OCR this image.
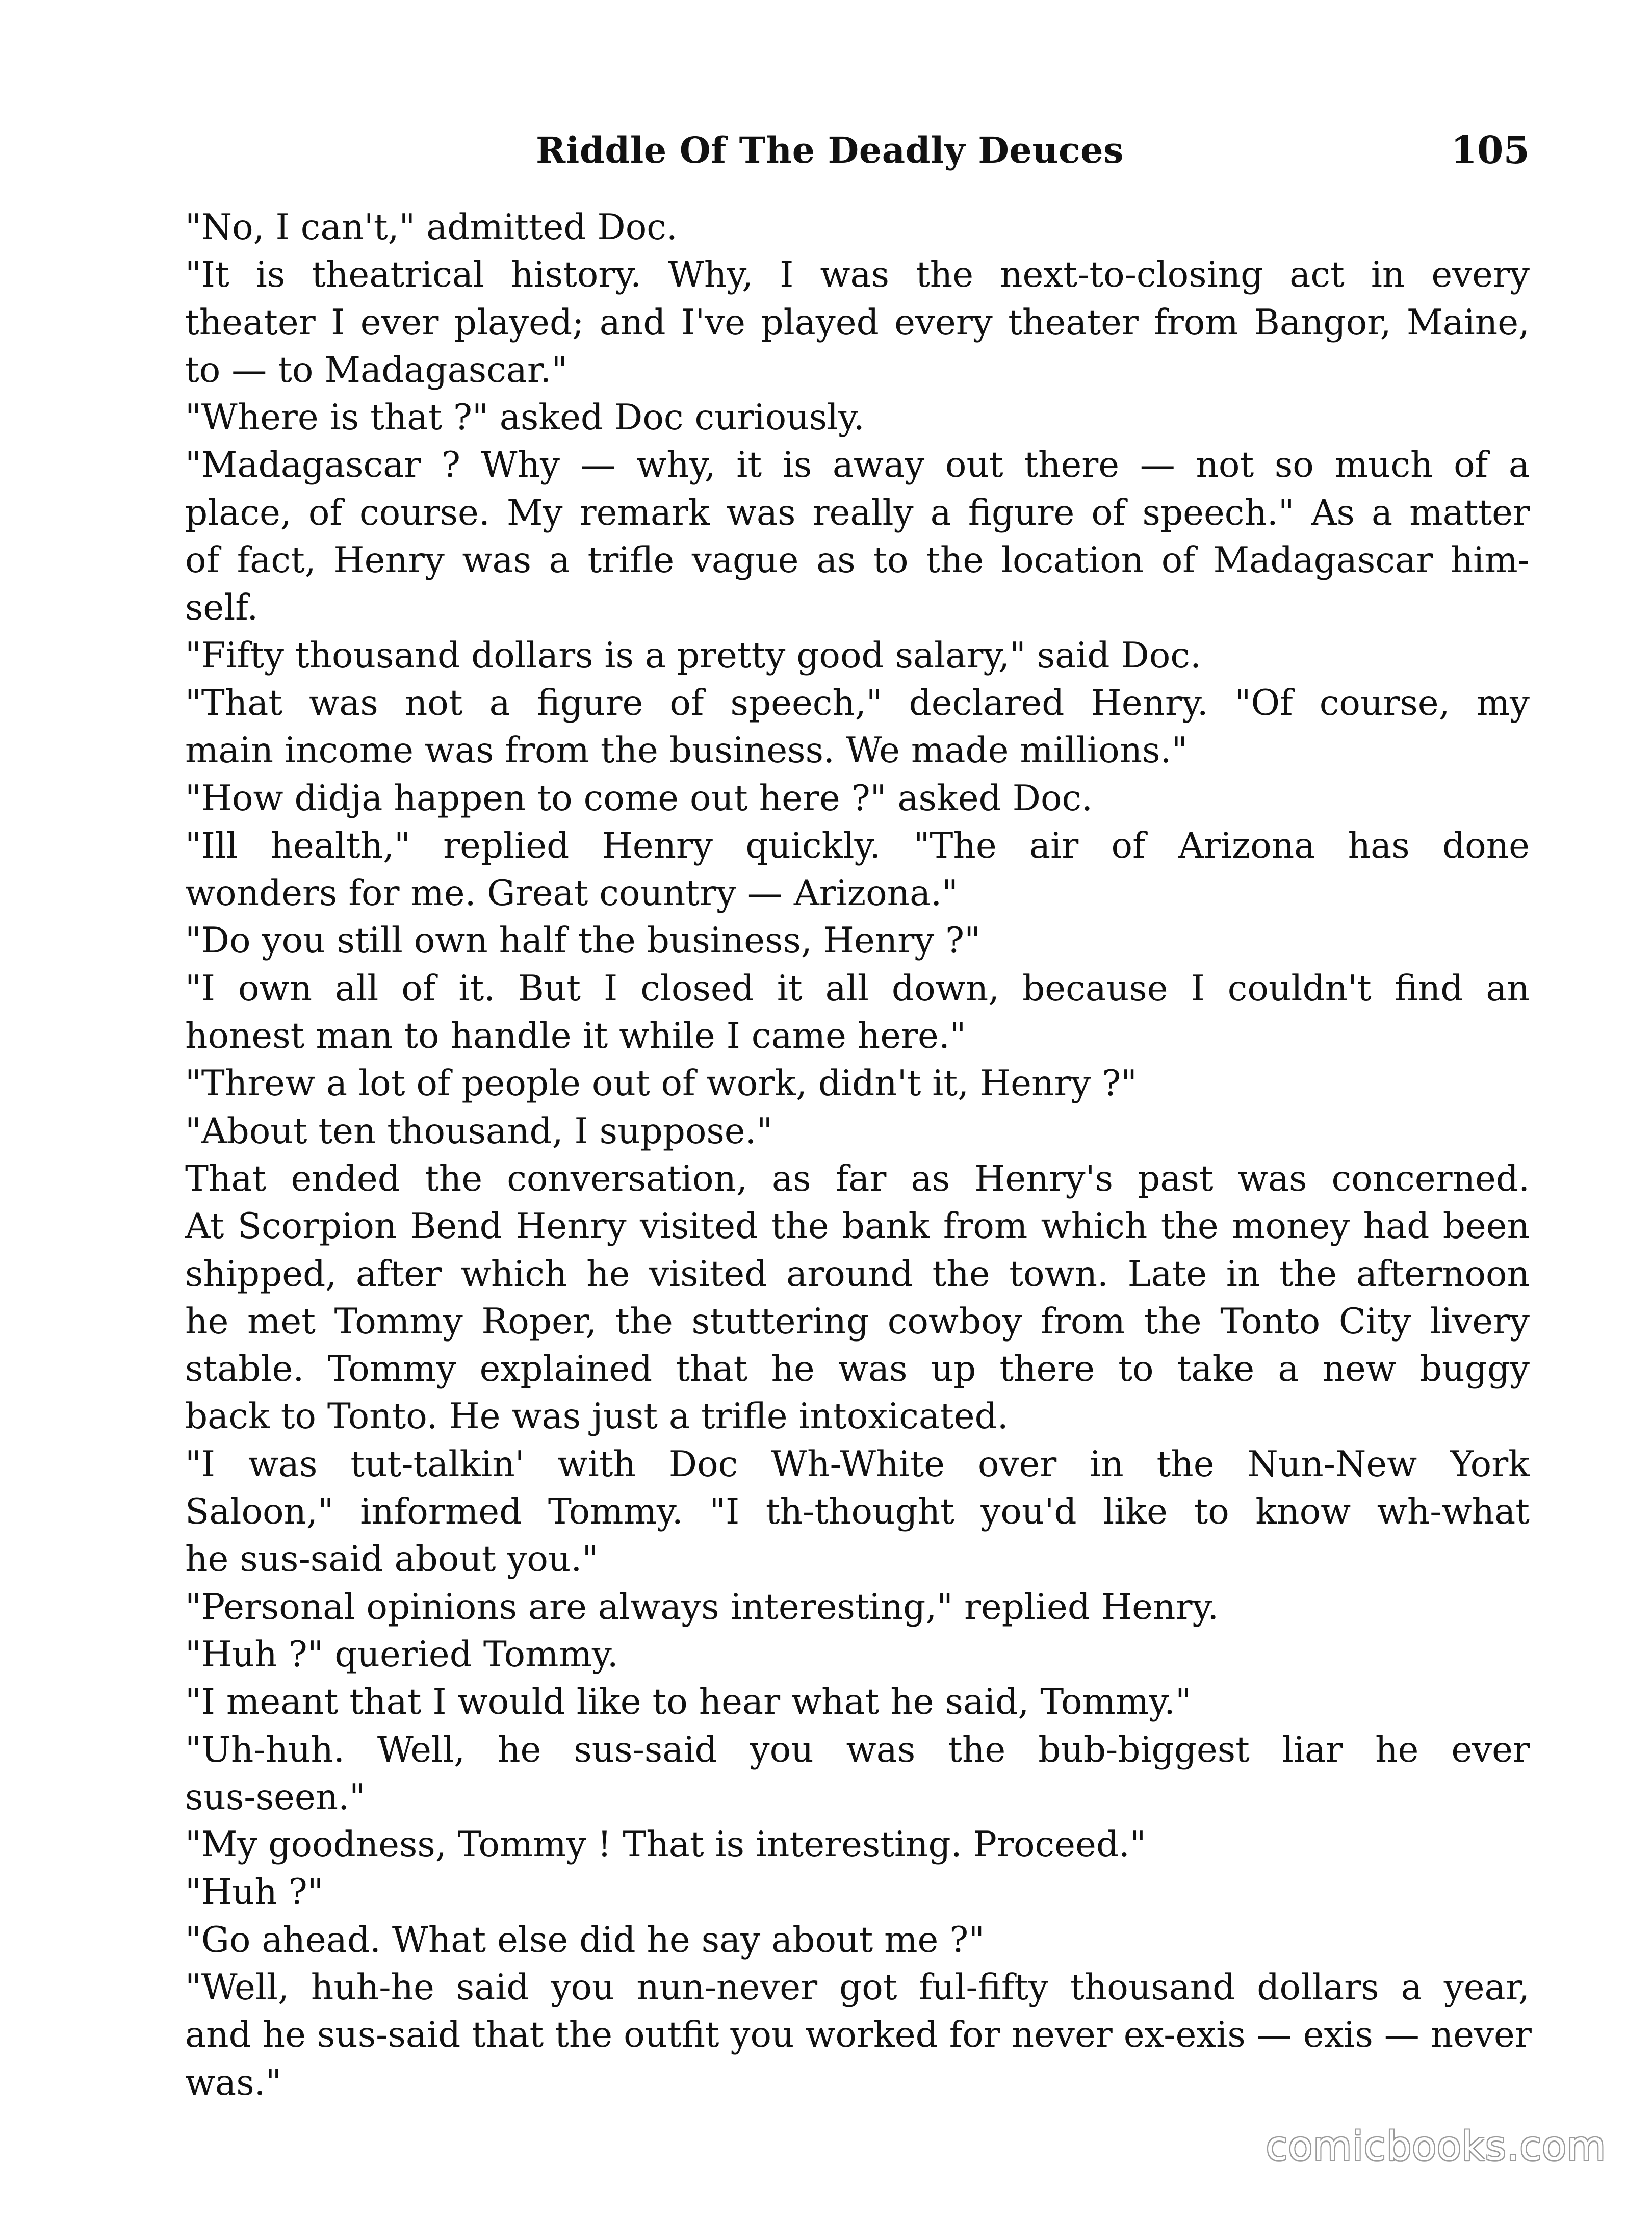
Riddle Of The Deadly Deuces	105

"No, I can't," admitted Doc.

"It is theatrical history. Why, I was the next-to-closing act in every
theater I ever played; and I've played every theater from Bangor, Maine,
to — to Madagascar."

"Where is that ?" asked Doc curiously.

"Madagascar ? Why — why, it is away out there — not so much of a
place, of course. My remark was really a figure of speech." As a matter
of fact, Henry was a trifle vague as to the location of Madagascar him-
self.

"Fifty thousand dollars is a pretty good salary," said Doc.

"That was not a figure of speech," declared Henry. "Of course, my
main income was from the business. We made millions."

"How didja happen to come out here ?" asked Doc.

"Ill health," replied Henry quickly. "The air of Arizona has done
wonders for me. Great country — Arizona."

"Do you still own half the business, Henry ?"

"I own all of it. But I closed it all down, because I couldn't find an
honest man to handle it while I came here."

"Threw a lot of people out of work, didn't it, Henry ?"

"About ten thousand, I suppose."

That ended the conversation, as far as Henry's past was concerned.
At Scorpion Bend Henry visited the bank from which the money had been
shipped, after which he visited around the town. Late in the afternoon
he met Tommy Roper, the stuttering cowboy from the Tonto City livery
stable. Tommy explained that he was up there to take a new buggy
back to Tonto. He was just a trifle intoxicated.

"I was tut-talkin' with Doc Wh-White over in the Nun-New York
Saloon," informed Tommy. "I th-thought you'd like to know wh-what
he sus-said about you."

"Personal opinions are always interesting," replied Henry.

"Huh ?" queried Tommy.

"I meant that I would like to hear what he said, Tommy."

"Uh-huh. Well, he sus-said you was the bub-biggest liar he ever
sus-seen."

"My goodness, Tommy ! That is interesting. Proceed."

"Huh ?"

"Go ahead. What else did he say about me ?"

"Well, huh-he said you nun-never got ful-fifty thousand dollars a year,
and he sus-said that the outfit you worked for never ex-exis — exis — never
was."

comicbooks.com
